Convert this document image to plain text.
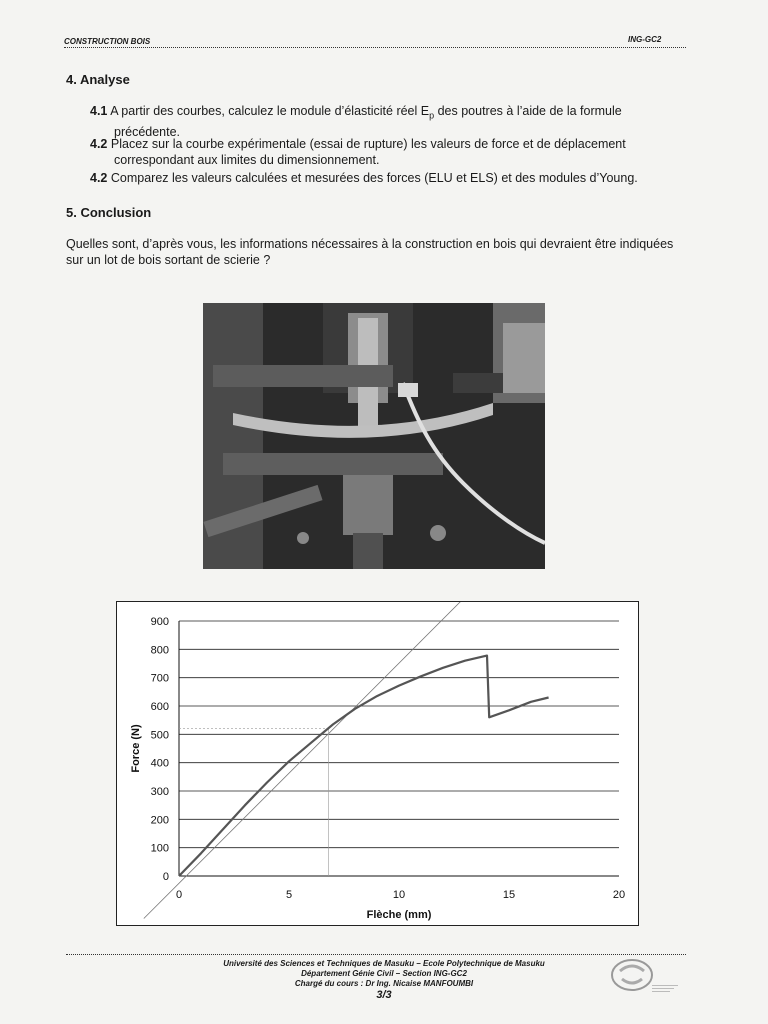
CONSTRUCTION BOIS	ING-GC2
4. Analyse
4.1 A partir des courbes, calculez le module d’élasticité réel $E_p$ des poutres à l’aide de la formule
précédente.
4.2 Placez sur la courbe expérimentale (essai de rupture) les valeurs de force et de déplacement
correspondant aux limites du dimensionnement.
4.2 Comparez les valeurs calculées et mesurées des forces (ELU et ELS) et des modules d’Young.
5. Conclusion
Quelles sont, d’après vous, les informations nécessaires à la construction en bois qui devraient être indiquées
sur un lot de bois sortant de scierie ?
0
100
200
300
400
500
600
700
800
900
0	5	10	15	20
Flèche (mm)
Force (N)
Université des Sciences et Techniques de Masuku – Ecole Polytechnique de Masuku
Département Génie Civil – Section ING-GC2
Chargé du cours : Dr Ing. Nicaise MANFOUMBI
3/3
